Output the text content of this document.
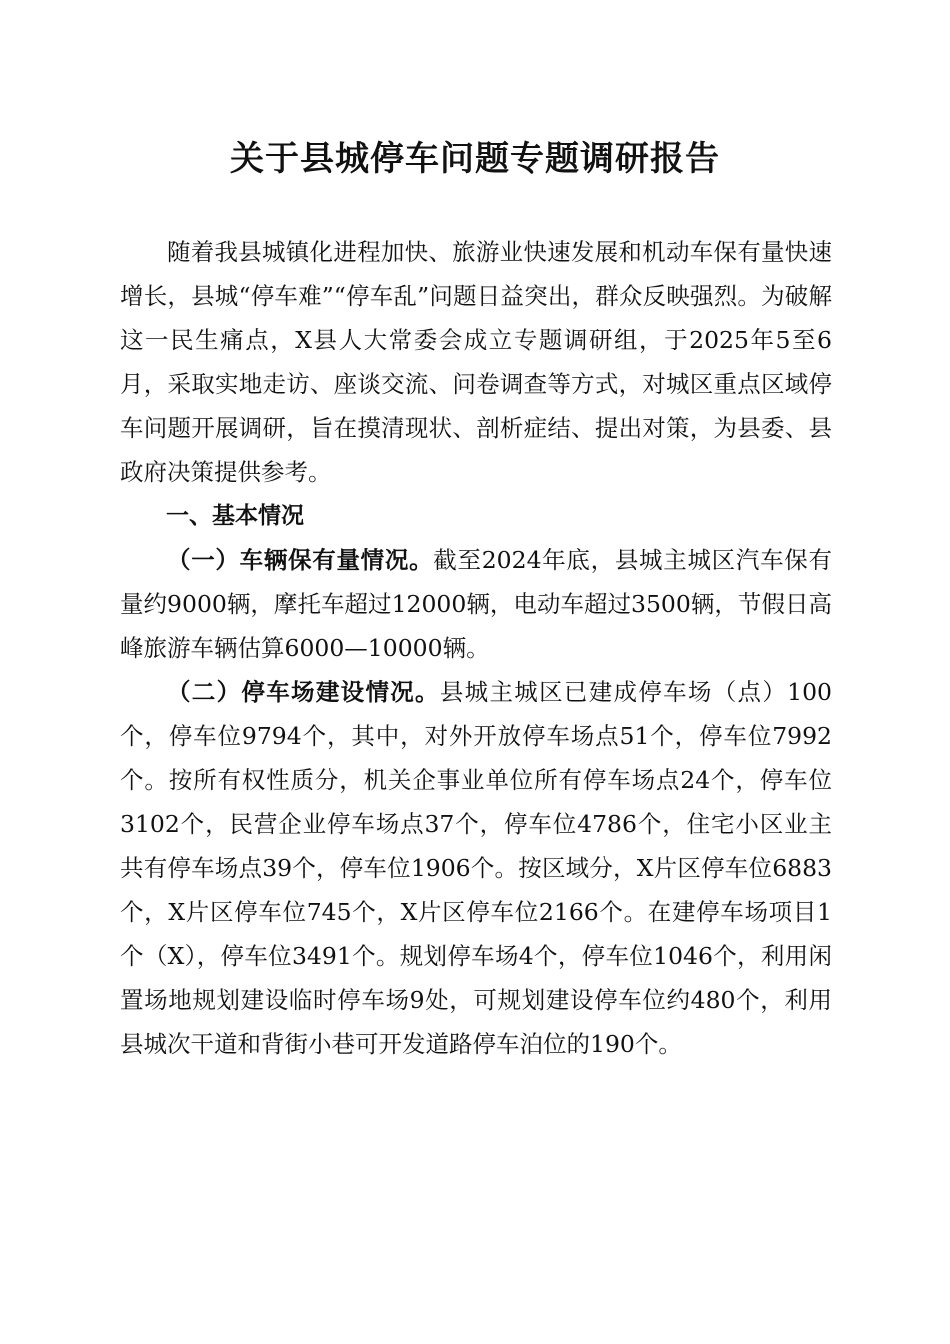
关于县城停车问题专题调研报告

随着我县城镇化进程加快、旅游业快速发展和机动车保有量快速增长，县城“停车难”“停车乱”问题日益突出，群众反映强烈。为破解这一民生痛点，X县人大常委会成立专题调研组，于2025年5至6月，采取实地走访、座谈交流、问卷调查等方式，对城区重点区域停车问题开展调研，旨在摸清现状、剖析症结、提出对策，为县委、县政府决策提供参考。

一、基本情况

（一）车辆保有量情况。截至2024年底，县城主城区汽车保有量约9000辆，摩托车超过12000辆，电动车超过3500辆，节假日高峰旅游车辆估算6000—10000辆。

（二）停车场建设情况。县城主城区已建成停车场（点）100个，停车位9794个，其中，对外开放停车场点51个，停车位7992个。按所有权性质分，机关企事业单位所有停车场点24个，停车位3102个，民营企业停车场点37个，停车位4786个，住宅小区业主共有停车场点39个，停车位1906个。按区域分，X片区停车位6883个，X片区停车位745个，X片区停车位2166个。在建停车场项目1个（X），停车位3491个。规划停车场4个，停车位1046个，利用闲置场地规划建设临时停车场9处，可规划建设停车位约480个，利用县城次干道和背街小巷可开发道路停车泊位的190个。
